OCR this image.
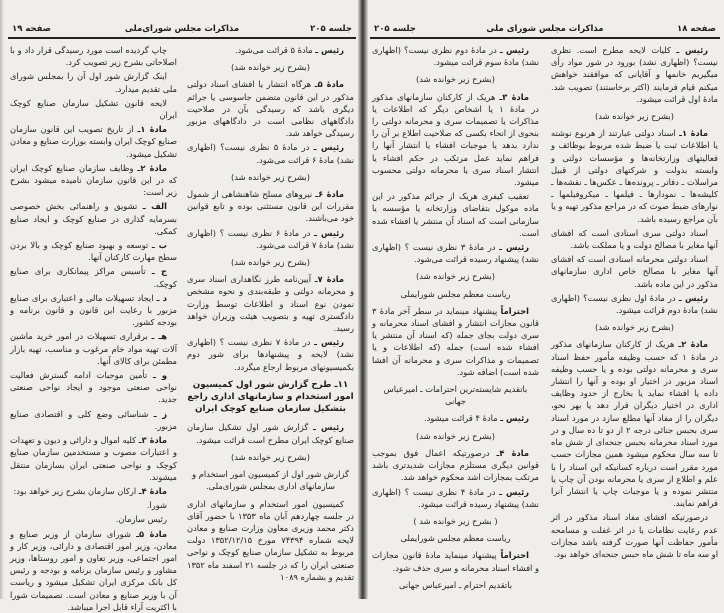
صفحه ۱۹	مذاکرات مجلس شورای‌ملی	جلسه ۲۰۵
رئیس ـ مادهٔ ۵ قرائت می‌شود.
(بشرح زیر خوانده شد)
مادهٔ ۵ـ هرگاه انتشار یا افشای اسناد دولتی مذکور در این قانون متضمن جاسوسی یا جرائم دیگری باشد که رسیدگی بآن در صلاحیت دادگاههای نظامی است در دادگاههای مزبور رسیدگی خواهد شد.
رئیس ـ در مادهٔ ۵ نظری نیست؟ (اظهاری نشد) مادهٔ ۶ قرائت می‌شود.
(بشرح زیر خوانده شد)
مادهٔ ۶ـ نیروهای مسلح شاهنشاهی از شمول مقررات این قانون مستثنی بوده و تابع قوانین خود می‌باشند.
رئیس ـ در مادهٔ ۶ نظری نیست ؟ (اظهاری نشد) مادهٔ ۷ قرائت می‌شود.
(بشرح زیر خوانده شد)
مادهٔ ۷ـ آیین‌نامه طرز نگاهداری اسناد سری و محرمانه دولتی و طبقه‌بندی و نحوه مشخص نمودن نوع اسناد و اطلاعات توسط وزارت دادگستری تهیه و بتصویب هیئت وزیران خواهد رسید.
رئیس ـ در مادهٔ ۷ نظری نیست ؟ (اظهاری نشد) لایحه و پیشنهادها برای شور دوم بکمیسیونهای مربوط ارجاع میگردد.
۱۱ـ طرح گزارش شور اول کمیسیون امور استخدام و سازمانهای اداری راجع بتشکیل سازمان صنایع کوچک ایران
رئیس ـ گزارش شور اول تشکیل سازمان صنایع کوچک ایران مطرح است قرائت میشود.
(بشرح زیر خوانده شد)
گزارش شور اول از کمیسیون امور استخدام و سازمانهای اداری بمجلس شورای‌ملی.
کمیسیون امور استخدام و سازمانهای اداری در جلسه چهاردهم آبان ماه ۱۳۵۳ با حضور آقای دکتر محمد وزیری معاون وزارت صنایع و معادن لایحه شماره ۷۴۳۹۴ مورخ ۱۳۵۲/۱۲/۱۵ دولت مربوط به تشکیل سازمان صنایع کوچک و نواحی صنعتی ایران را که در جلسه ۲۱ اسفند ماه ۱۳۵۲ تقدیم و بشماره ۱۰۸۹
چاپ گردیده است مورد رسیدگی قرار داد و با اصلاحاتی بشرح زیر تصویب کرد.
اینک گزارش شور اول آن را بمجلس شورای ملی تقدیم میدارد.
لایحه قانون تشکیل سازمان صنایع کوچک ایران
مادهٔ ۱ـ از تاریخ تصویب این قانون سازمان صنایع کوچک ایران وابسته بوزارت صنایع و معادن تشکیل میشود.
مادهٔ ۲ـ وظایف سازمان صنایع کوچک ایران که در این قانون سازمان نامیده میشود بشرح زیر است:
الف ـ تشویق و راهنمائی بخش خصوصی بسرمایه گذاری در صنایع کوچک و ایجاد صنایع کمکی.
ب ـ توسعه و بهبود صنایع کوچک و بالا بردن سطح مهارت کارکنان آنها.
ج ـ تأسیس مراکز پیمانکاری برای صنایع کوچک.
د ـ ایجاد تسهیلات مالی و اعتباری برای صنایع مزبور با رعایت این قانون و قانون برنامه و بودجه کشور.
هـ ـ برقراری تسهیلات در امور خرید ماشین آلات تهیه مواد خام مرغوب و مناسب، تهیه بازار مطمئن برای کالای آنها.
و ـ تأمین موجبات ادامه گسترش فعالیت نواحی صنعتی موجود و ایجاد نواحی صنعتی جدید.
ز ـ شناسائی وضع کلی و اقتصادی صنایع مزبور.
مادهٔ ۳ـ کلیه اموال و دارائی و دیون و تعهدات و اعتبارات مصوب و مستخدمین سازمان صنایع کوچک و نواحی صنعتی ایران بسازمان منتقل میشوند.
مادهٔ ۴ـ ارکان سازمان بشرح زیر خواهد بود:
شورا.
رئیس سازمان.
مادهٔ ۵ـ شورای سازمان از وزیر صنایع و معادن، وزیر امور اقتصادی و دارائی، وزیر کار و امور اجتماعی، وزیر تعاون و امور روستاها، وزیر مشاور و رئیس سازمان برنامه و بودجه و رئیس کل بانک مرکزی ایران تشکیل میشود و ریاست آن با وزیر صنایع و معادن است. تصمیمات شورا با اکثریت آراء قابل اجرا میباشد.
صفحه ۱۸
مذاکرات مجلس شورای ملی
جلسه ۲۰۵
رئیس ـ کلیات لایحه مطرح است. نظری نیست؟ (اظهاری نشد) بورود در شور مواد رأی میگیریم خانمها و آقایانی که موافقند خواهش میکنم قیام فرمایند (اکثر برخاستند) تصویب شد. مادهٔ اول قرائت میشود.
(بشرح زیر خوانده شد)
مادهٔ ۱ـ اسناد دولتی عبارتند از هرنوع نوشته یا اطلاعات ثبت یا ضبط شده مربوط بوظائف و فعالیتهای وزارتخانه‌ها و مؤسسات دولتی و وابسته بدولت و شرکتهای دولتی از قبیل مراسلات ـ دفاتر ـ پرونده‌ها ـ عکس‌ها ـ نقشه‌ها ـ کلیشه‌ها ـ نمودارها ـ فیلمها ـ میکروفیلمها ـ نوارهای ضبط صوت که در مراجع مذکور تهیه و یا بآن مراجع رسیده باشد.
اسناد دولتی سری اسنادی است که افشای آنها مغایر با مصالح دولت و یا مملکت باشد.
اسناد دولتی محرمانه اسنادی است که افشای آنها مغایر با مصالح خاص اداری سازمانهای مذکور در این ماده باشد.
رئیس ـ در مادهٔ اول نظری نیست؟ (اظهاری نشد) مادهٔ دوم قرائت میشود.
(بشرح زیر خوانده شد)
مادهٔ ۲ـ هریک از کارکنان سازمانهای مذکور در مادهٔ ۱ که حسب وظیفه مأمور حفظ اسناد سری و محرمانه دولتی بوده و یا حسب وظیفه اسناد مزبور در اختیار او بوده و آنها را انتشار داده یا افشاء نماید یا بخارج از حدود وظایف اداری در اختیار دیگران قرار دهد یا بهر نحو، دیگران را از مفاد آنها مطلع سازد در مورد اسناد سری بحبس جنائی درجه ۲ از دو تا ده سال و در مورد اسناد محرمانه بحبس جنحه‌ای از شش ماه تا سه سال محکوم میشود همین مجازات حسب مورد مقرر است درباره کسانیکه این اسناد را با علم و اطلاع از سری یا محرمانه بودن آن چاپ یا منتشر نموده و یا موجبات چاپ یا انتشار آنرا فراهم نمایند.
درصورتیکه افشای مفاد اسناد مذکور در اثر عدم رعایت نظامات یا در اثر غفلت و مسامحه مأمور حفاظت آنها صورت گرفته باشد مجازات او سه ماه تا شش ماه حبس جنحه‌ای خواهد بود.
رئیس ـ در مادهٔ دوم نظری نیست؟ (اظهاری نشد) مادهٔ سوم قرائت میشود.
(بشرح زیر خوانده شد)
مادهٔ ۳ـ هریک از کارکنان سازمانهای مذکور در مادهٔ ۱ یا اشخاص دیگر که اطلاعات یا مذاکرات یا تصمیمات سری و محرمانه دولتی را بنحوی از انحاء بکسی که صلاحیت اطلاع بر آن را ندارد بدهد یا موجبات افشاء یا انتشار آنها را فراهم نماید عمل مرتکب در حکم افشاء یا انتشار اسناد سری یا محرمانه دولتی محسوب میشود.
تعقیب کیفری هریک از جرائم مذکور در این ماده موکول بتقاضای وزارتخانه یا مؤسسه یا سازمانی است که اسناد آن منتشر یا افشاء شده است.
رئیس ـ در مادهٔ ۳ نظری نیست ؟ (اظهاری نشد) پیشنهاد رسیده قرائت می‌شود.
(بشرح زیر خوانده شد)
ریاست معظم مجلس شورایملی
احتراماً پیشنهاد مینماید در سطر آخر مادهٔ ۳ قانون مجازات انتشار و افشای اسناد محرمانه و سری دولت بجای جمله (که اسناد آن منتشر یا افشاء شده است) جمله (که اطلاعات و یا تصمیمات و مذاکرات سری و محرمانه آن افشا شده است) اضافه شود.
باتقدیم شایسته‌ترین احترامات ـ امیرعباس جهانی
رئیس ـ مادهٔ ۴ قرائت میشود.
(بشرح زیر خوانده شد)
مادهٔ ۴ـ درصورتیکه اعمال فوق بموجب قوانین دیگری مستلزم مجازات شدیدتری باشد مرتکب بمجازات اشد محکوم خواهد شد.
رئیس ـ در مادهٔ ۴ نظری نیست ؟ (اظهاری نشد) پیشنهاد رسیده قرائت میشود.
( بشرح زیر خوانده شد )
ریاست معظم مجلس شورایملی
احتراماً پیشنهاد مینماید مادهٔ قانون مجازات و افشاء اسناد محرمانه و سری حذف شود.
باتقدیم احترام ـ امیرعباس جهانی
